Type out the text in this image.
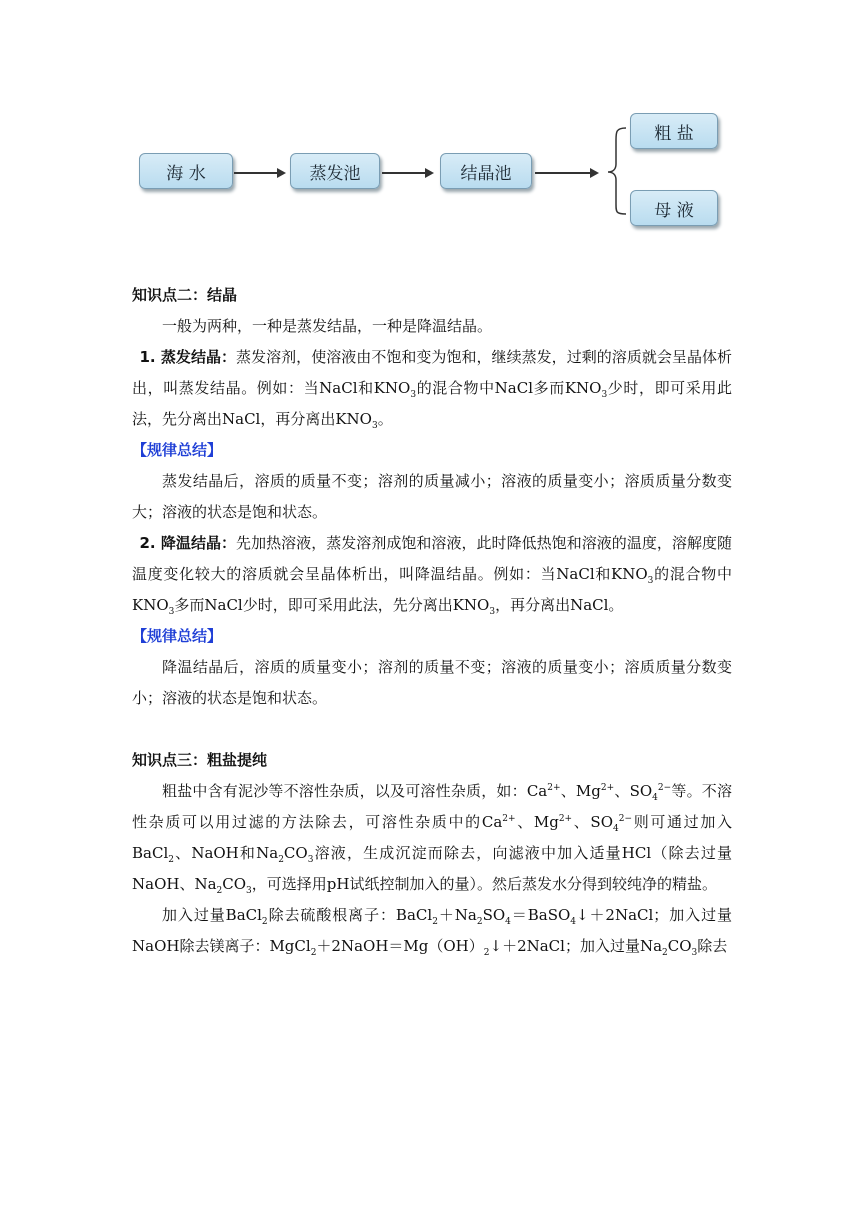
海 水	蒸发池	结晶池
粗 盐
母 液

知识点二：结晶

一般为两种，一种是蒸发结晶，一种是降温结晶。

1. 蒸发结晶：蒸发溶剂，使溶液由不饱和变为饱和，继续蒸发，过剩的溶质就会呈晶体析出，叫蒸发结晶。例如：当NaCl和$KNO_3$的混合物中NaCl多而$KNO_3$少时，即可采用此法，先分离出NaCl，再分离出$KNO_3$。

【规律总结】

蒸发结晶后，溶质的质量不变；溶剂的质量减小；溶液的质量变小；溶质质量分数变大；溶液的状态是饱和状态。

2. 降温结晶：先加热溶液，蒸发溶剂成饱和溶液，此时降低热饱和溶液的温度，溶解度随温度变化较大的溶质就会呈晶体析出，叫降温结晶。例如：当NaCl和$KNO_3$的混合物中$KNO_3$多而NaCl少时，即可采用此法，先分离出$KNO_3$，再分离出NaCl。

【规律总结】

降温结晶后，溶质的质量变小；溶剂的质量不变；溶液的质量变小；溶质质量分数变小；溶液的状态是饱和状态。

知识点三：粗盐提纯

粗盐中含有泥沙等不溶性杂质，以及可溶性杂质，如：$Ca^{2+}$、$Mg^{2+}$、$SO_4^{2-}$等。不溶性杂质可以用过滤的方法除去，可溶性杂质中的$Ca^{2+}$、$Mg^{2+}$、$SO_4^{2-}$则可通过加入BaCl$_2$、NaOH和$Na_2CO_3$溶液，生成沉淀而除去，向滤液中加入适量HCl（除去过量NaOH、$Na_2CO_3$，可选择用pH试纸控制加入的量）。然后蒸发水分得到较纯净的精盐。

加入过量BaCl$_2$除去硫酸根离子：$BaCl_2+Na_2SO_4=BaSO_4↓+2NaCl$；加入过量NaOH除去镁离子：$MgCl_2+2NaOH=Mg(OH)_2↓+2NaCl$；加入过量$Na_2CO_3$除去
